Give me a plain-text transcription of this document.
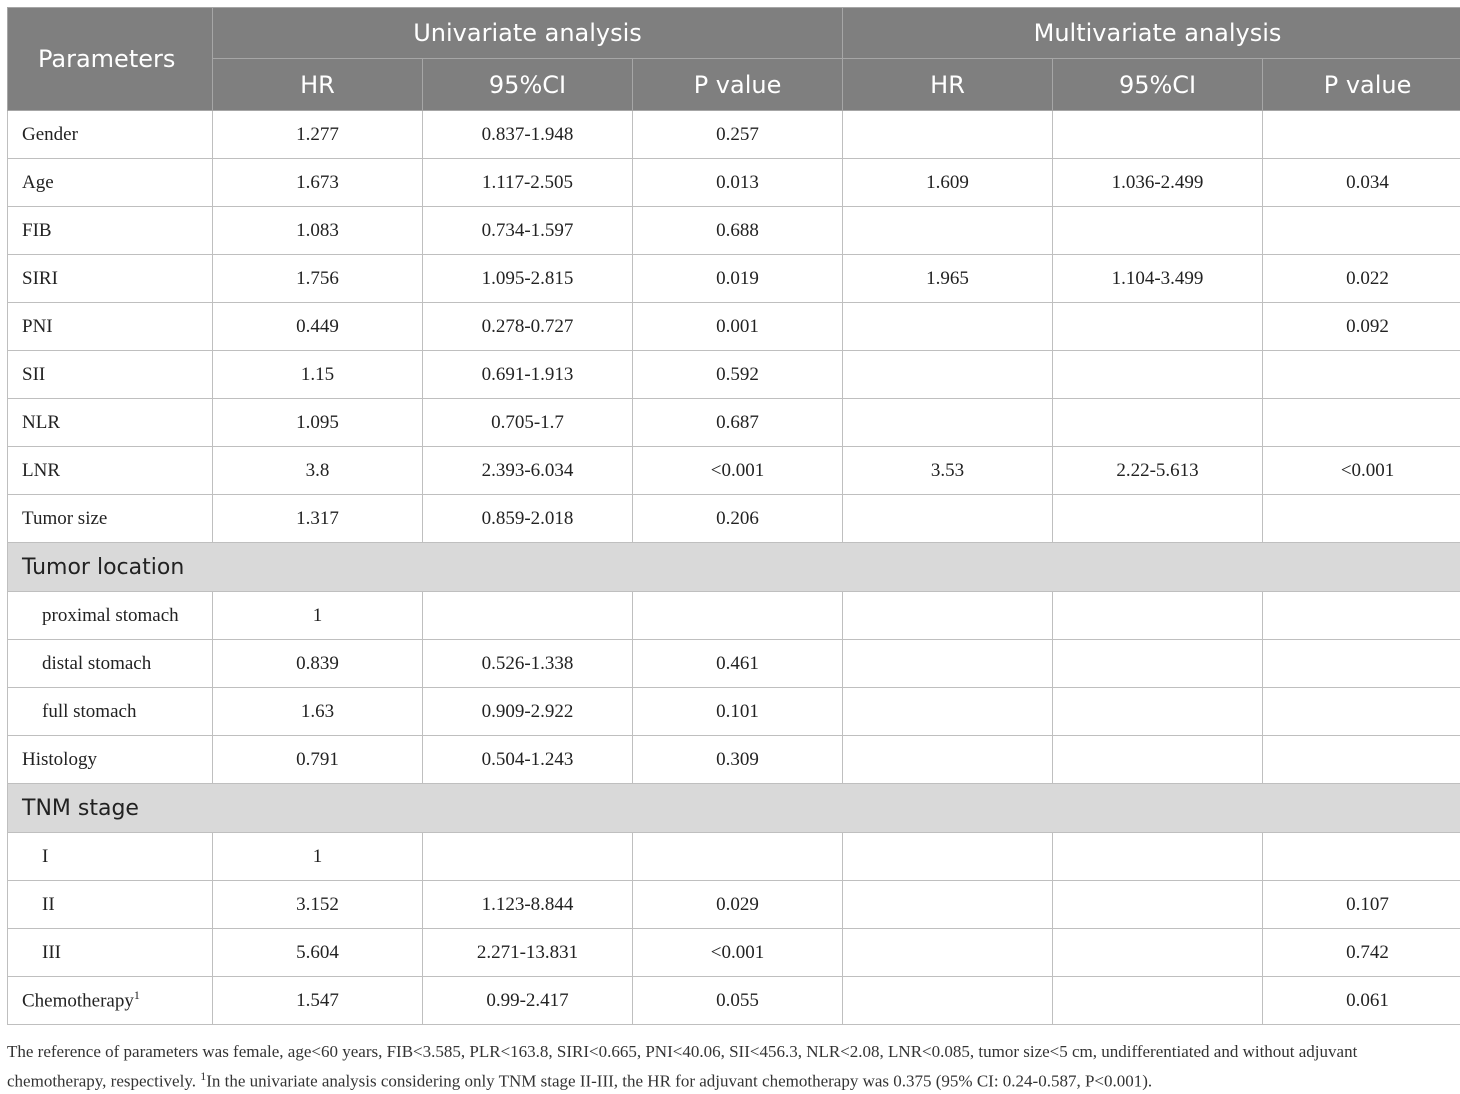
Parameters	Univariate analysis			Multivariate analysis		
	HR	95%CI	P value	HR	95%CI	P value
Gender	1.277	0.837-1.948	0.257			
Age	1.673	1.117-2.505	0.013	1.609	1.036-2.499	0.034
FIB	1.083	0.734-1.597	0.688			
SIRI	1.756	1.095-2.815	0.019	1.965	1.104-3.499	0.022
PNI	0.449	0.278-0.727	0.001			0.092
SII	1.15	0.691-1.913	0.592			
NLR	1.095	0.705-1.7	0.687			
LNR	3.8	2.393-6.034	<0.001	3.53	2.22-5.613	<0.001
Tumor size	1.317	0.859-2.018	0.206			
Tumor location						
proximal stomach	1					
distal stomach	0.839	0.526-1.338	0.461			
full stomach	1.63	0.909-2.922	0.101			
Histology	0.791	0.504-1.243	0.309			
TNM stage						
I	1					
II	3.152	1.123-8.844	0.029			0.107
III	5.604	2.271-13.831	<0.001			0.742
Chemotherapy$^1$	1.547	0.99-2.417	0.055			0.061
The reference of parameters was female, age<60 years, FIB<3.585, PLR<163.8, SIRI<0.665, PNI<40.06, SII<456.3, NLR<2.08, LNR<0.085, tumor size<5 cm, undifferentiated and without adjuvant chemotherapy, respectively. $^1$In the univariate analysis considering only TNM stage II-III, the HR for adjuvant chemotherapy was 0.375 (95% CI: 0.24-0.587, P<0.001).
